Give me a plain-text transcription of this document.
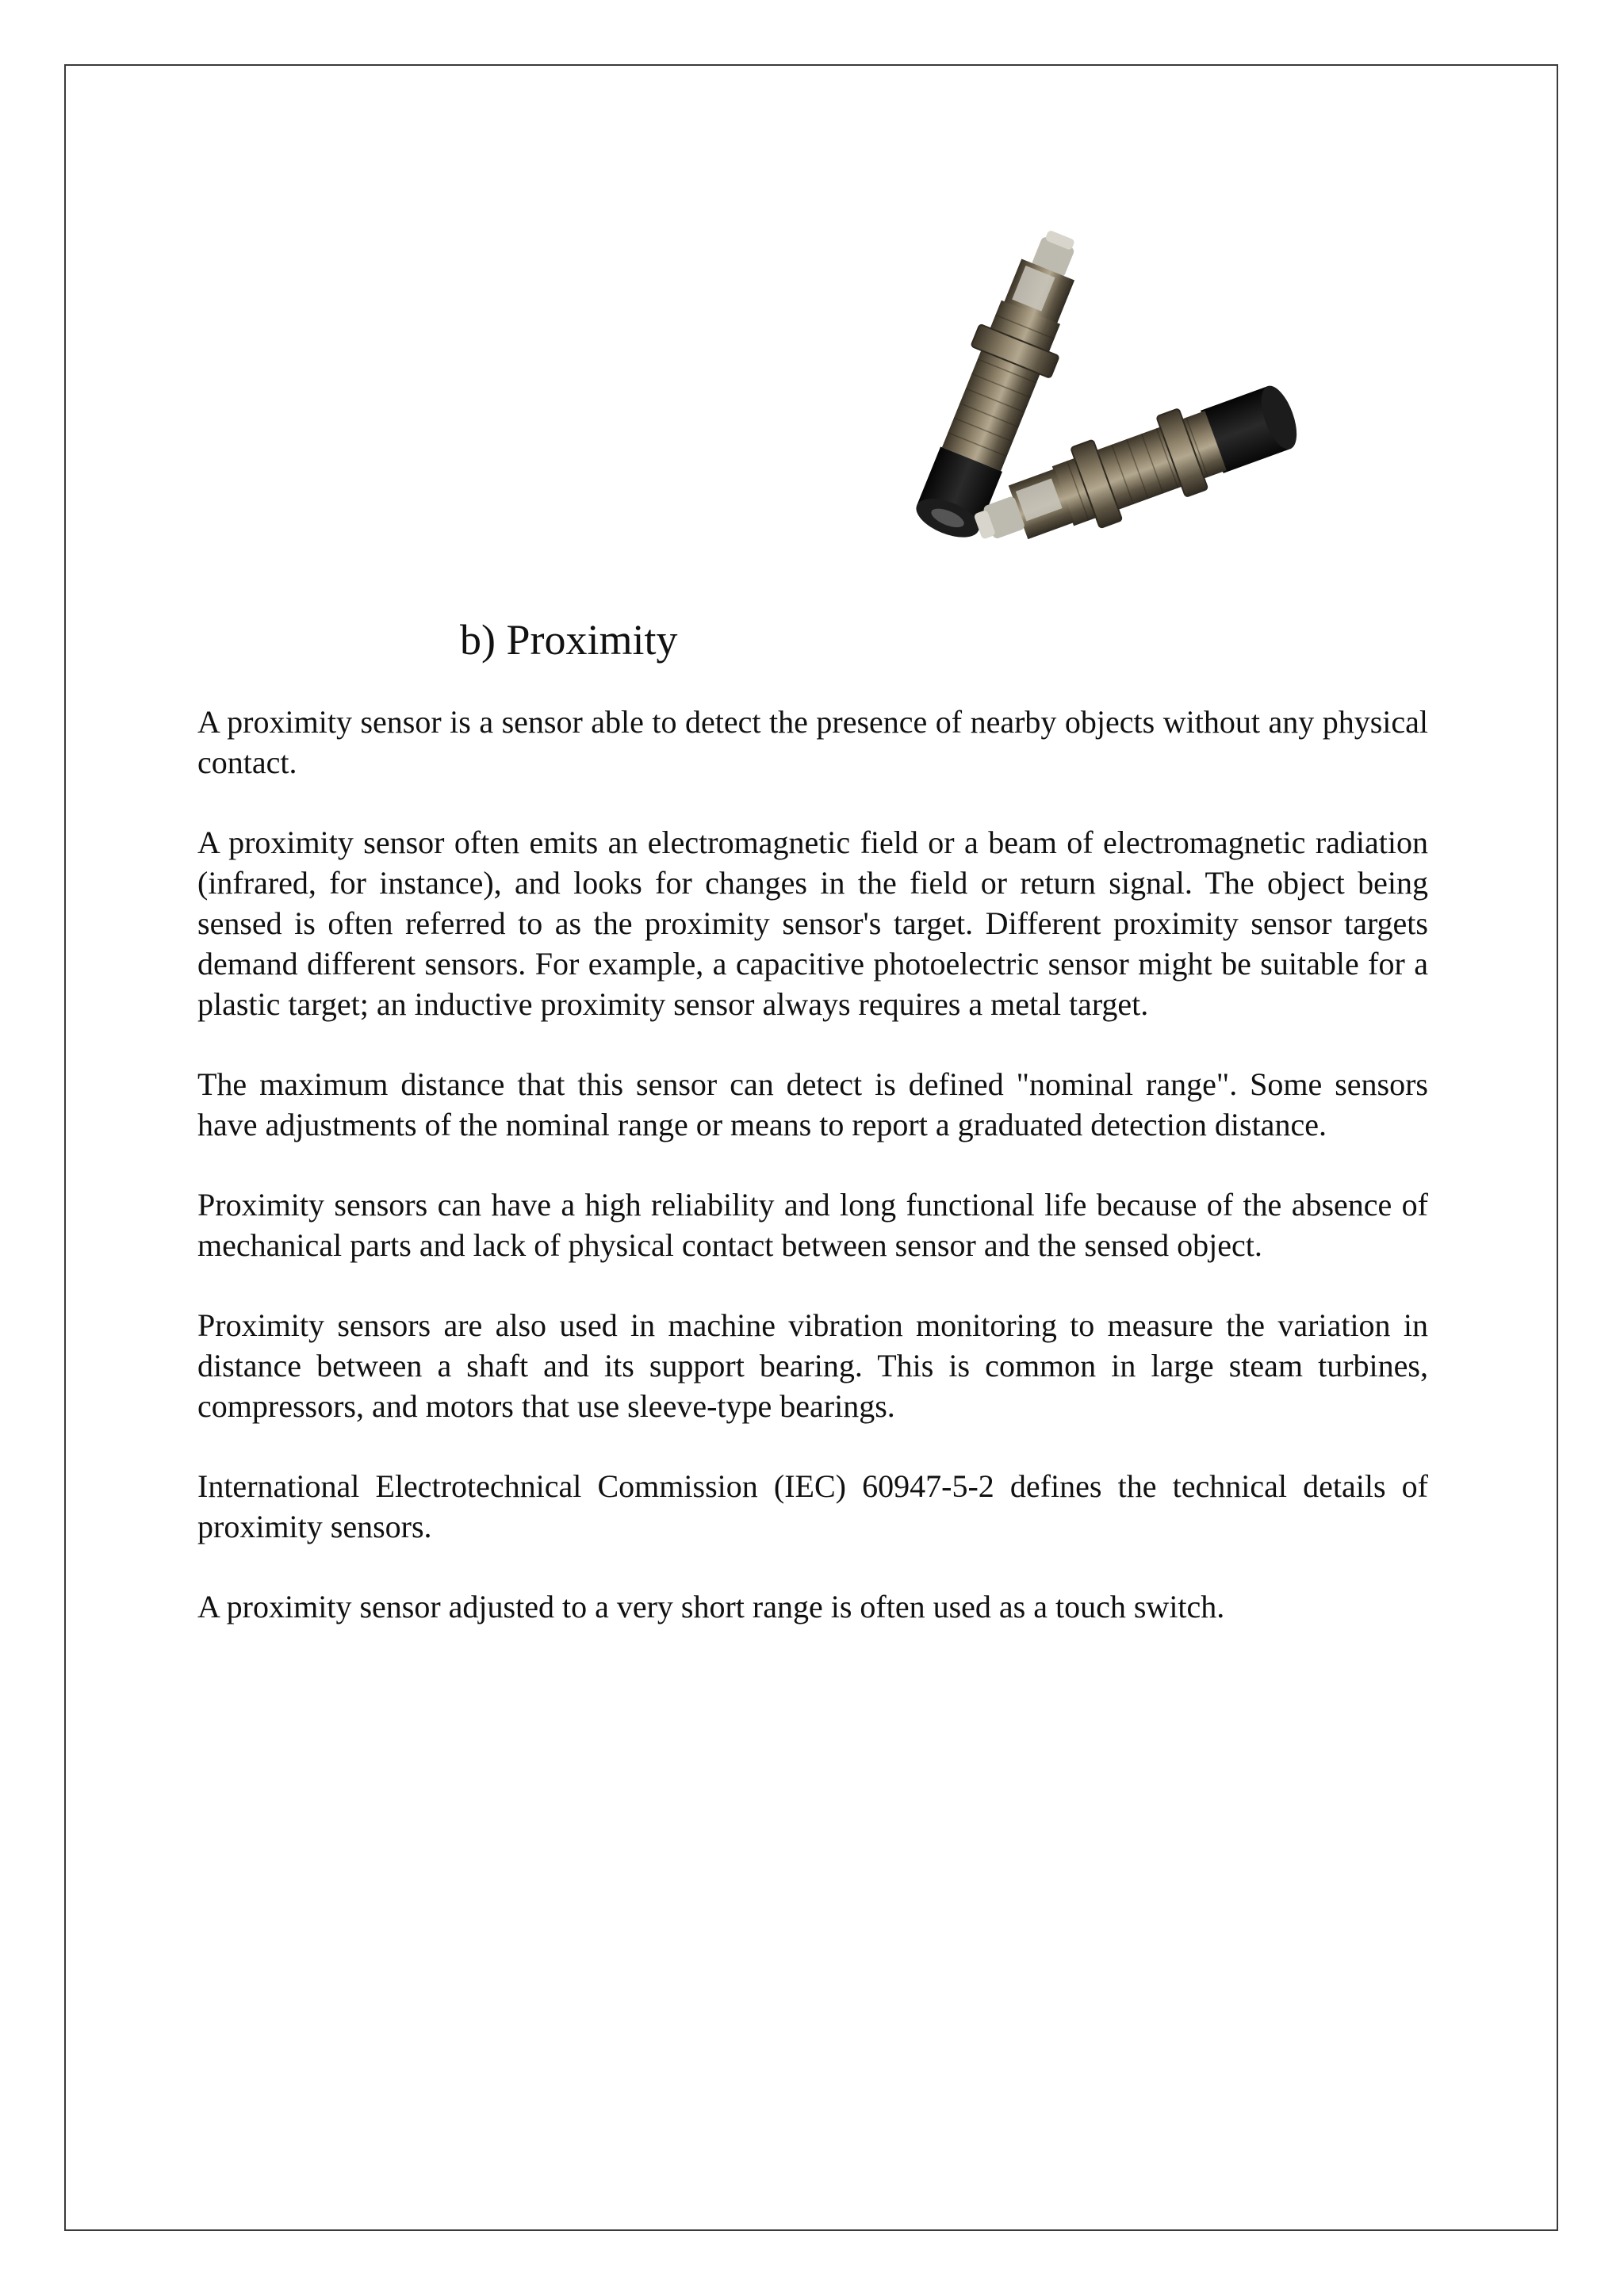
b) Proximity

A proximity sensor is a sensor able to detect the presence of nearby objects without any physical contact.

A proximity sensor often emits an electromagnetic field or a beam of electromagnetic radiation (infrared, for instance), and looks for changes in the field or return signal. The object being sensed is often referred to as the proximity sensor's target. Different proximity sensor targets demand different sensors. For example, a capacitive photoelectric sensor might be suitable for a plastic target; an inductive proximity sensor always requires a metal target.

The maximum distance that this sensor can detect is defined "nominal range". Some sensors have adjustments of the nominal range or means to report a graduated detection distance.

Proximity sensors can have a high reliability and long functional life because of the absence of mechanical parts and lack of physical contact between sensor and the sensed object.

Proximity sensors are also used in machine vibration monitoring to measure the variation in distance between a shaft and its support bearing. This is common in large steam turbines, compressors, and motors that use sleeve-type bearings.

International Electrotechnical Commission (IEC) 60947-5-2 defines the technical details of proximity sensors.

A proximity sensor adjusted to a very short range is often used as a touch switch.
